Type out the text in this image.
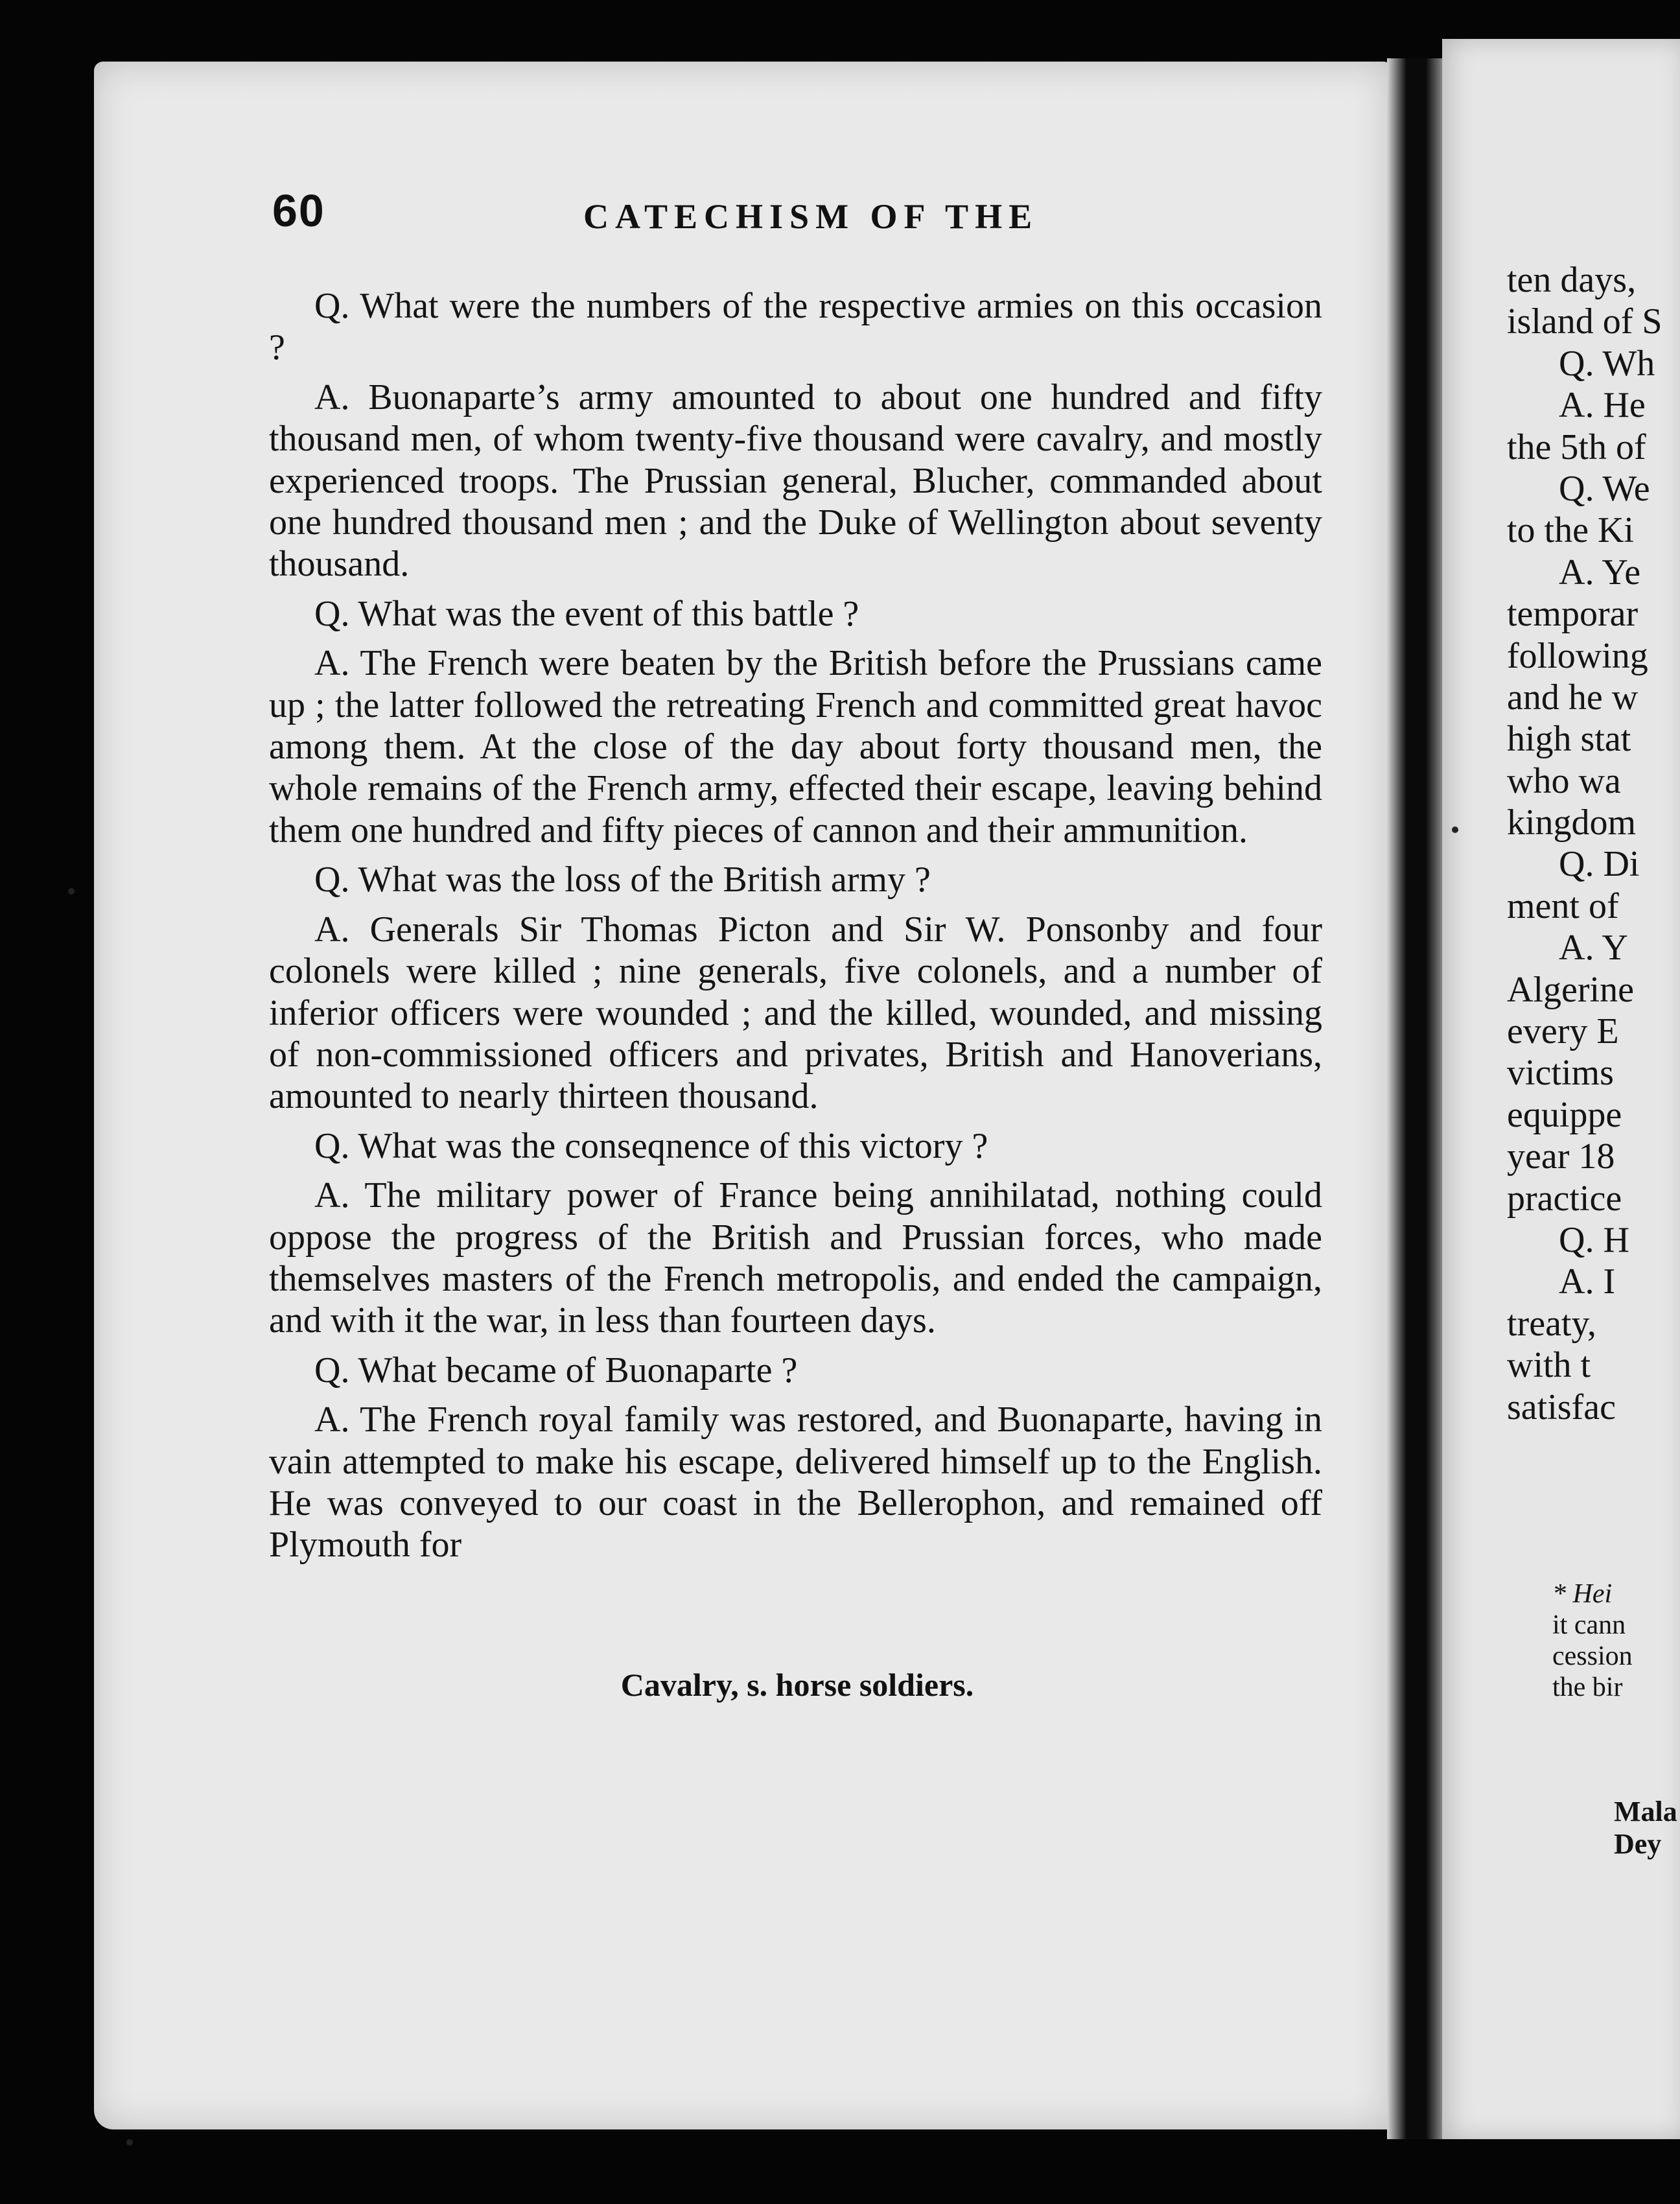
60	CATECHISM OF THE

Q. What were the numbers of the respective armies on this occasion ?

A. Buonaparte’s army amounted to about one hundred and fifty thousand men, of whom twenty-five thousand were cavalry, and mostly experienced troops. The Prussian general, Blucher, commanded about one hundred thousand men ; and the Duke of Wellington about seventy thousand.

Q. What was the event of this battle ?

A. The French were beaten by the British before the Prussians came up ; the latter followed the retreating French and committed great havoc among them. At the close of the day about forty thousand men, the whole remains of the French army, effected their escape, leaving behind them one hundred and fifty pieces of cannon and their ammunition.

Q. What was the loss of the British army ?

A. Generals Sir Thomas Picton and Sir W. Ponsonby and four colonels were killed ; nine generals, five colonels, and a number of inferior officers were wounded ; and the killed, wounded, and missing of non-commissioned officers and privates, British and Hanoverians, amounted to nearly thirteen thousand.

Q. What was the conseqnence of this victory ?

A. The military power of France being annihilatad, nothing could oppose the progress of the British and Prussian forces, who made themselves masters of the French metropolis, and ended the campaign, and with it the war, in less than fourteen days.

Q. What became of Buonaparte ?

A. The French royal family was restored, and Buonaparte, having in vain attempted to make his escape, delivered himself up to the English. He was conveyed to our coast in the Bellerophon, and remained off Plymouth for

Cavalry, s. horse soldiers.
ten days,
island of S
Q. Wh
A. He
the 5th of
Q. We
to the Ki
A. Ye
temporar
following
and he w
high stat
who wa
kingdom
Q. Di
ment of
A. Y
Algerine
every E
victims
equippe
year 18
practice
Q. H
A. I
treaty,
with t
satisfac
* Hei
it cann
cession
the bir
Mala
Dey
